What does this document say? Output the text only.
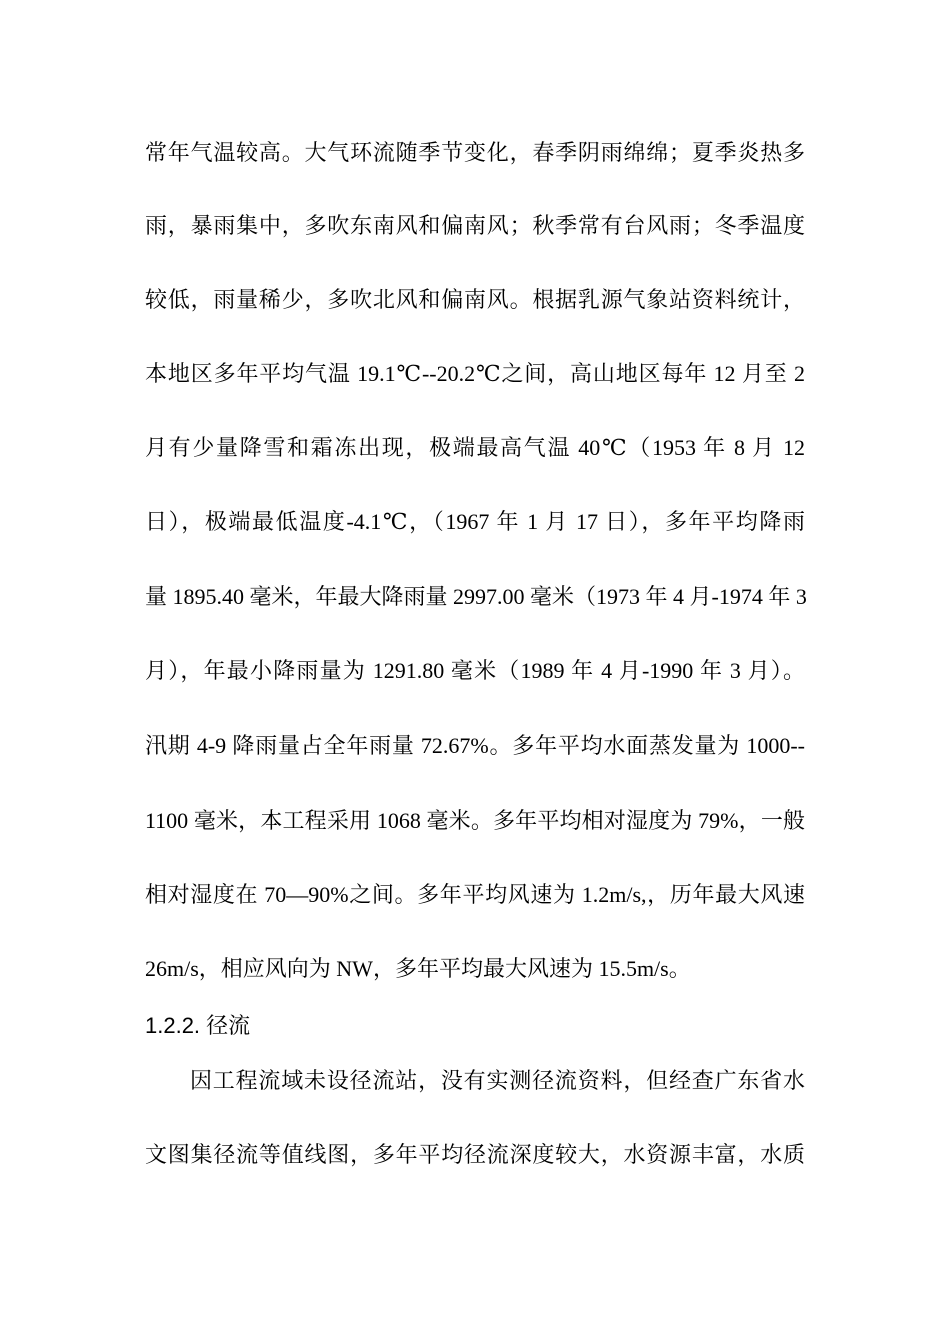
常年气温较高。大气环流随季节变化，春季阴雨绵绵；夏季炎热多
雨，暴雨集中，多吹东南风和偏南风；秋季常有台风雨；冬季温度
较低，雨量稀少，多吹北风和偏南风。根据乳源气象站资料统计，
本地区多年平均气温 19.1℃--20.2℃之间，高山地区每年 12 月至 2
月有少量降雪和霜冻出现，极端最高气温 40℃（1953 年 8 月 12
日），极端最低温度-4.1℃，（1967 年 1 月 17 日），多年平均降雨
量 1895.40 毫米，年最大降雨量 2997.00 毫米（1973 年 4 月-1974 年 3
月），年最小降雨量为 1291.80 毫米（1989 年 4 月-1990 年 3 月）。
汛期 4-9 降雨量占全年雨量 72.67%。多年平均水面蒸发量为 1000--
1100 毫米，本工程采用 1068 毫米。多年平均相对湿度为 79%，一般
相对湿度在 70—90%之间。多年平均风速为 1.2m/s,，历年最大风速
26m/s，相应风向为 NW，多年平均最大风速为 15.5m/s。
1.2.2. 径流
因工程流域未设径流站，没有实测径流资料，但经查广东省水
文图集径流等值线图，多年平均径流深度较大，水资源丰富，水质
